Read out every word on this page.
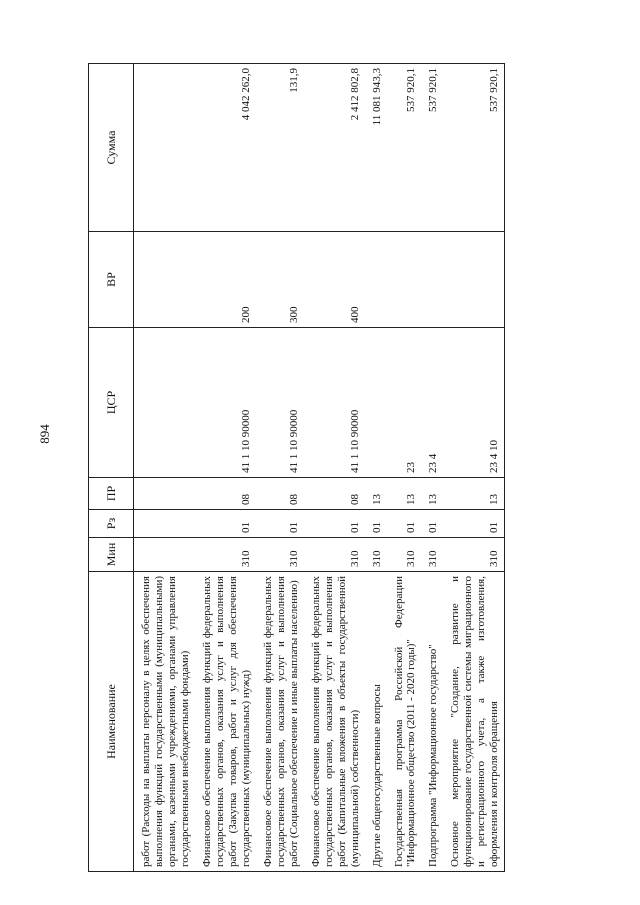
894
Наименование	Мин	Рз	ПР	ЦСР	ВР	Сумма
работ (Расходы на выплаты персоналу в целях обеспечения выполнения функций государственными (муниципальными) органами, казенными учреждениями, органами управления государственными внебюджетными фондами)						
Финансовое обеспечение выполнения функций федеральных государственных органов, оказания услуг и выполнения работ (Закупка товаров, работ и услуг для обеспечения государственных (муниципальных) нужд)	310	01	08	41 1 10 90000	200	4 042 262,0
Финансовое обеспечение выполнения функций федеральных государственных органов, оказания услуг и выполнения работ (Социальное обеспечение и иные выплаты населению)	310	01	08	41 1 10 90000	300	131,9
Финансовое обеспечение выполнения функций федеральных государственных органов, оказания услуг и выполнения работ (Капитальные вложения в объекты государственной (муниципальной) собственности)	310	01	08	41 1 10 90000	400	2 412 802,8
Другие общегосударственные вопросы	310	01	13			11 081 943,3
Государственная программа Российской Федерации "Информационное общество (2011 - 2020 годы)"	310	01	13	23		537 920,1
Подпрограмма "Информационное государство"	310	01	13	23 4		537 920,1
Основное мероприятие "Создание, развитие и функционирование государственной системы миграционного и регистрационного учета, а также изготовления, оформления и контроля обращения	310	01	13	23 4 10		537 920,1
